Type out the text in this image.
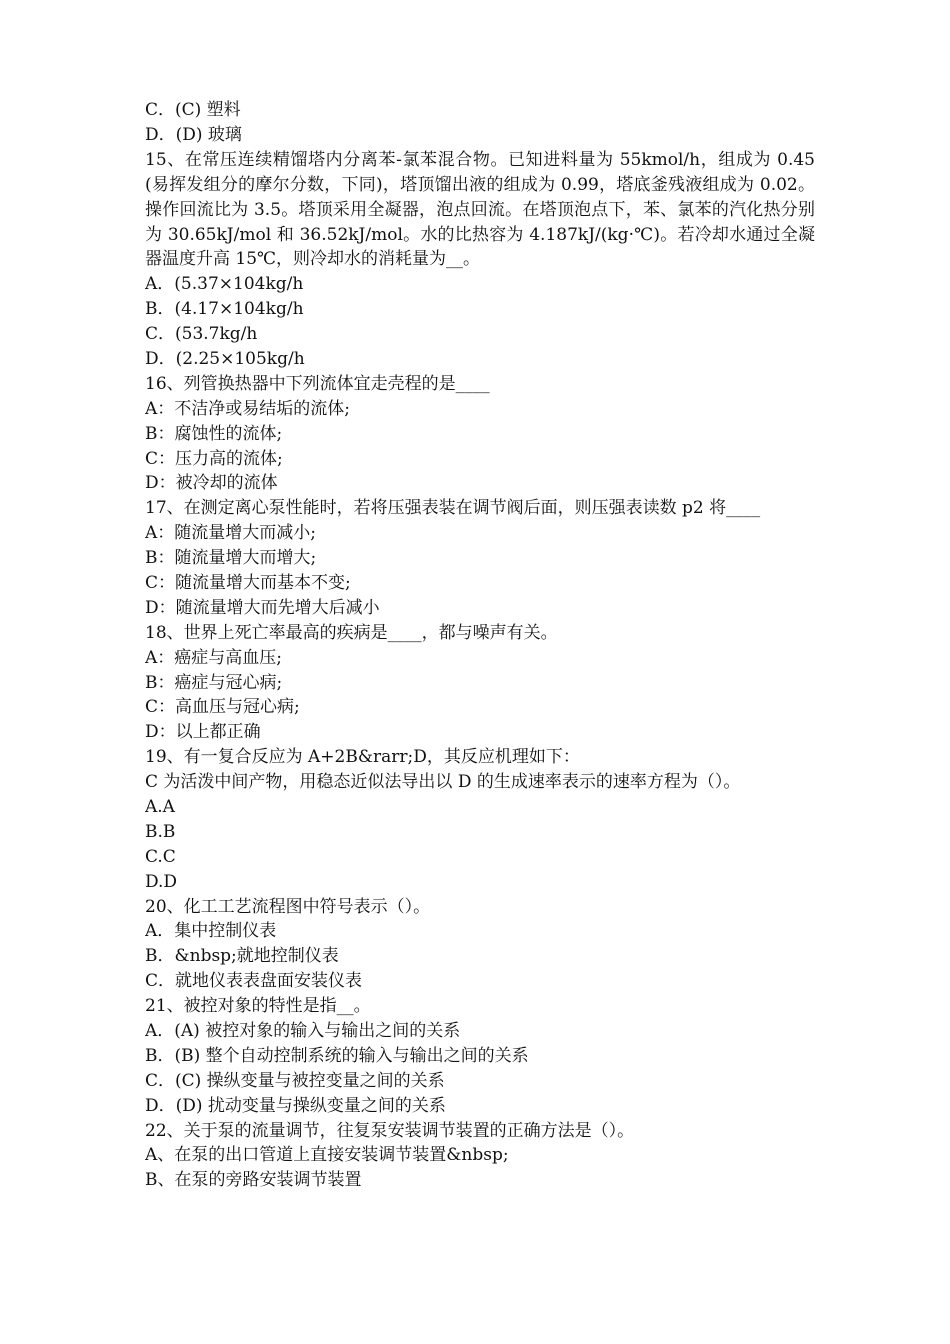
C．(C) 塑料
D．(D) 玻璃

15、在常压连续精馏塔内分离苯-氯苯混合物。已知进料量为 55kmol/h，组成为 0.45 (易挥发组分的摩尔分数，下同)，塔顶馏出液的组成为 0.99，塔底釜残液组成为 0.02。操作回流比为 3.5。塔顶采用全凝器，泡点回流。在塔顶泡点下，苯、氯苯的汽化热分别为 30.65kJ/mol 和 36.52kJ/mol。水的比热容为 4.187kJ/(kg·℃)。若冷却水通过全凝器温度升高 15℃，则冷却水的消耗量为__。

A．(5.37×104kg/h
B．(4.17×104kg/h
C．(53.7kg/h
D．(2.25×105kg/h
16、列管换热器中下列流体宜走壳程的是____
A：不洁净或易结垢的流体;
B：腐蚀性的流体;
C：压力高的流体;
D：被冷却的流体
17、在测定离心泵性能时，若将压强表装在调节阀后面，则压强表读数 p2 将____
A：随流量增大而减小;
B：随流量增大而增大;
C：随流量增大而基本不变;
D：随流量增大而先增大后减小
18、世界上死亡率最高的疾病是____，都与噪声有关。
A：癌症与高血压;
B：癌症与冠心病;
C：高血压与冠心病;
D：以上都正确
19、有一复合反应为 A+2B&rarr;D，其反应机理如下：
C 为活泼中间产物，用稳态近似法导出以 D 的生成速率表示的速率方程为（）。
A.A
B.B
C.C
D.D
20、化工工艺流程图中符号表示（）。
A．集中控制仪表
B．&nbsp;就地控制仪表
C．就地仪表表盘面安装仪表
21、被控对象的特性是指__。
A．(A) 被控对象的输入与输出之间的关系
B．(B) 整个自动控制系统的输入与输出之间的关系
C．(C) 操纵变量与被控变量之间的关系
D．(D) 扰动变量与操纵变量之间的关系
22、关于泵的流量调节，往复泵安装调节装置的正确方法是（）。
A、在泵的出口管道上直接安装调节装置&nbsp;
B、在泵的旁路安装调节装置
